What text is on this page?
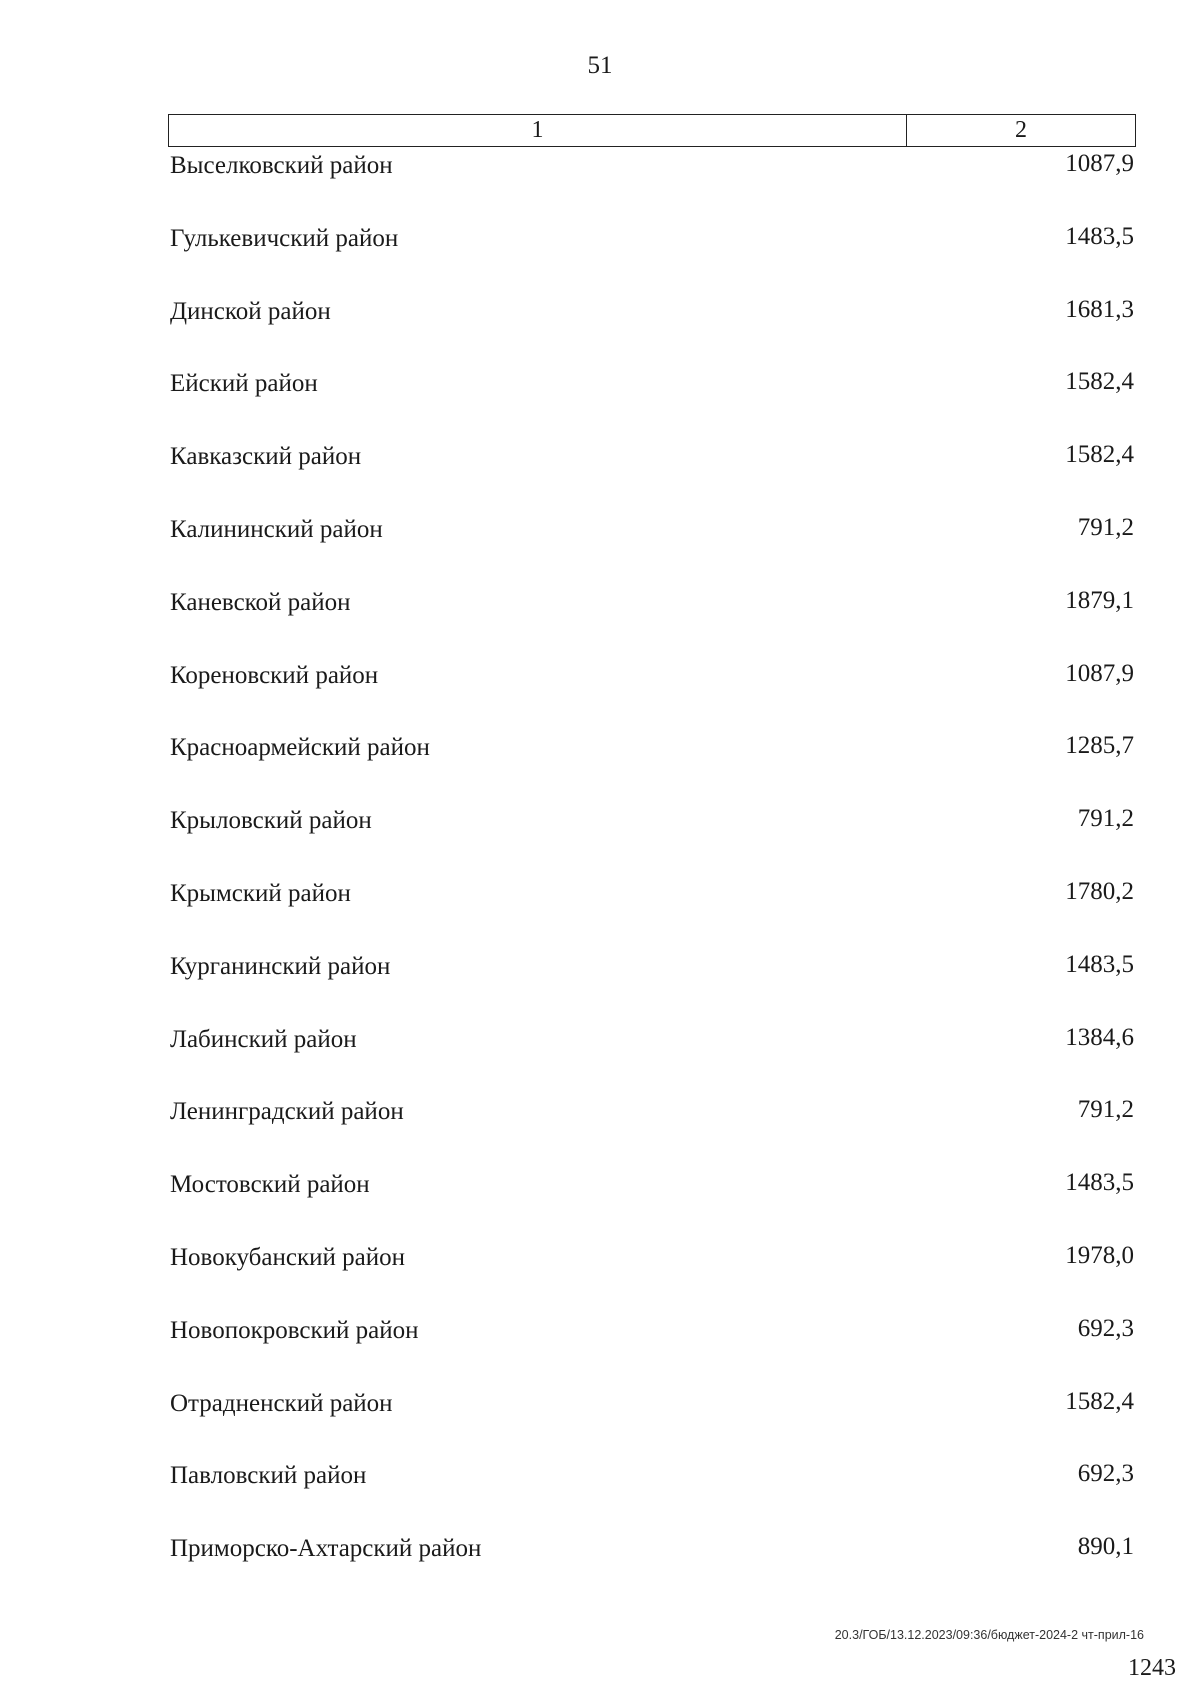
51
1	2
Выселковский район	1087,9
Гулькевичский район	1483,5
Динской район	1681,3
Ейский район	1582,4
Кавказский район	1582,4
Калининский район	791,2
Каневской район	1879,1
Кореновский район	1087,9
Красноармейский район	1285,7
Крыловский район	791,2
Крымский район	1780,2
Курганинский район	1483,5
Лабинский район	1384,6
Ленинградский район	791,2
Мостовский район	1483,5
Новокубанский район	1978,0
Новопокровский район	692,3
Отрадненский район	1582,4
Павловский район	692,3
Приморско-Ахтарский район	890,1
20.3/ГОБ/13.12.2023/09:36/бюджет-2024-2 чт-прил-16
1243
